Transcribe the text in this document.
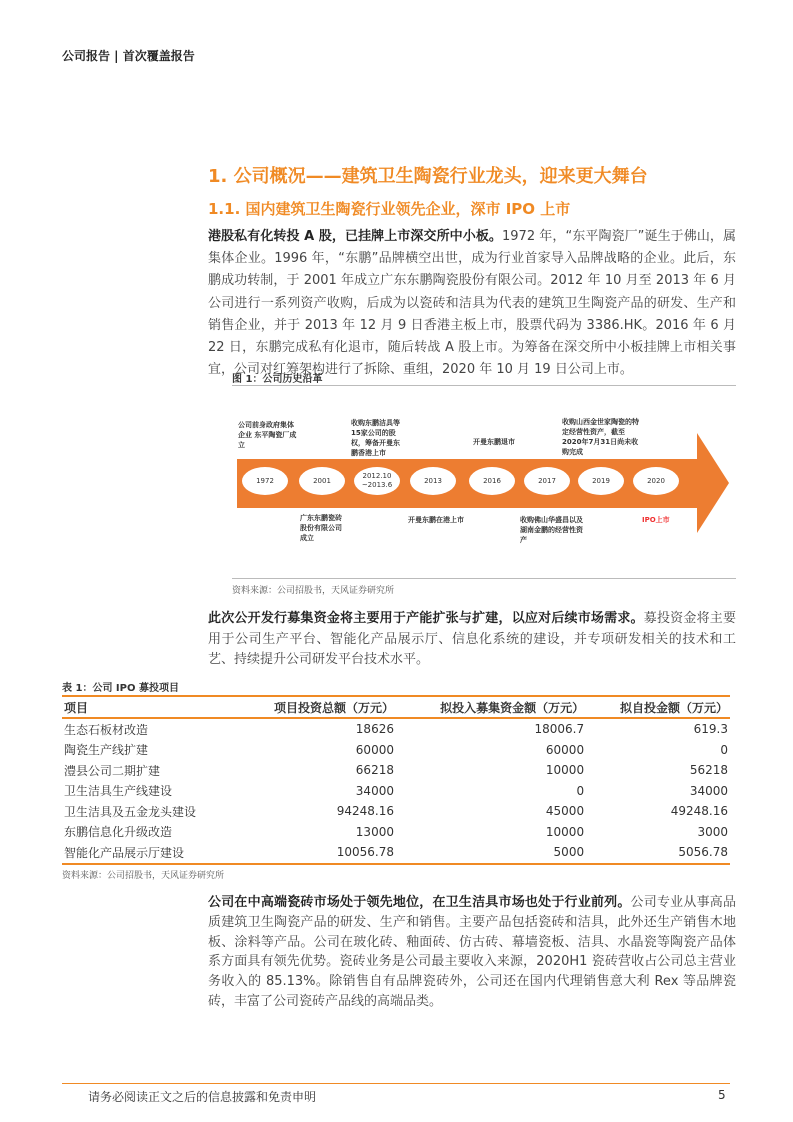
公司报告 | 首次覆盖报告
1. 公司概况——建筑卫生陶瓷行业龙头，迎来更大舞台
1.1. 国内建筑卫生陶瓷行业领先企业，深市 IPO 上市
港股私有化转投 A 股，已挂牌上市深交所中小板。1972 年，“东平陶瓷厂”诞生于佛山，属集体企业。1996 年，“东鹏”品牌横空出世，成为行业首家导入品牌战略的企业。此后，东鹏成功转制，于 2001 年成立广东东鹏陶瓷股份有限公司。2012 年 10 月至 2013 年 6 月公司进行一系列资产收购，后成为以瓷砖和洁具为代表的建筑卫生陶瓷产品的研发、生产和销售企业，并于 2013 年 12 月 9 日香港主板上市，股票代码为 3386.HK。2016 年 6 月 22 日，东鹏完成私有化退市，随后转战 A 股上市。为筹备在深交所中小板挂牌上市相关事宜，公司对红筹架构进行了拆除、重组，2020 年 10 月 19 日公司上市。
图 1：公司历史沿革
1972	2001
2012.10
~2013.6
2013	2016	2017	2019	2020
公司前身政府集体企业 东平陶瓷厂成立
收购东鹏洁具等15家公司的股权，筹备开曼东鹏香港上市
开曼东鹏退市
收购山西金世家陶瓷的特定经营性资产，截至2020年7月31日尚未收购完成
广东东鹏瓷砖股份有限公司成立
开曼东鹏在港上市	收购佛山华盛昌以及湖南金鹏的经营性资产
IPO上市
资料来源：公司招股书，天风证券研究所
此次公开发行募集资金将主要用于产能扩张与扩建，以应对后续市场需求。募投资金将主要用于公司生产平台、智能化产品展示厅、信息化系统的建设，并专项研发相关的技术和工艺、持续提升公司研发平台技术水平。
表 1：公司 IPO 募投项目
项目	项目投资总额（万元）	拟投入募集资金额（万元）	拟自投金额（万元）
生态石板材改造	18626	18006.7	619.3
陶瓷生产线扩建	60000	60000	0
澧县公司二期扩建	66218	10000	56218
卫生洁具生产线建设	34000	0	34000
卫生洁具及五金龙头建设	94248.16	45000	49248.16
东鹏信息化升级改造	13000	10000	3000
智能化产品展示厅建设	10056.78	5000	5056.78
资料来源：公司招股书，天风证券研究所
公司在中高端瓷砖市场处于领先地位，在卫生洁具市场也处于行业前列。公司专业从事高品质建筑卫生陶瓷产品的研发、生产和销售。主要产品包括瓷砖和洁具，此外还生产销售木地板、涂料等产品。公司在玻化砖、釉面砖、仿古砖、幕墙瓷板、洁具、水晶瓷等陶瓷产品体系方面具有领先优势。瓷砖业务是公司最主要收入来源，2020H1 瓷砖营收占公司总主营业务收入的 85.13%。除销售自有品牌瓷砖外，公司还在国内代理销售意大利 Rex 等品牌瓷砖，丰富了公司瓷砖产品线的高端品类。
请务必阅读正文之后的信息披露和免责申明	5
